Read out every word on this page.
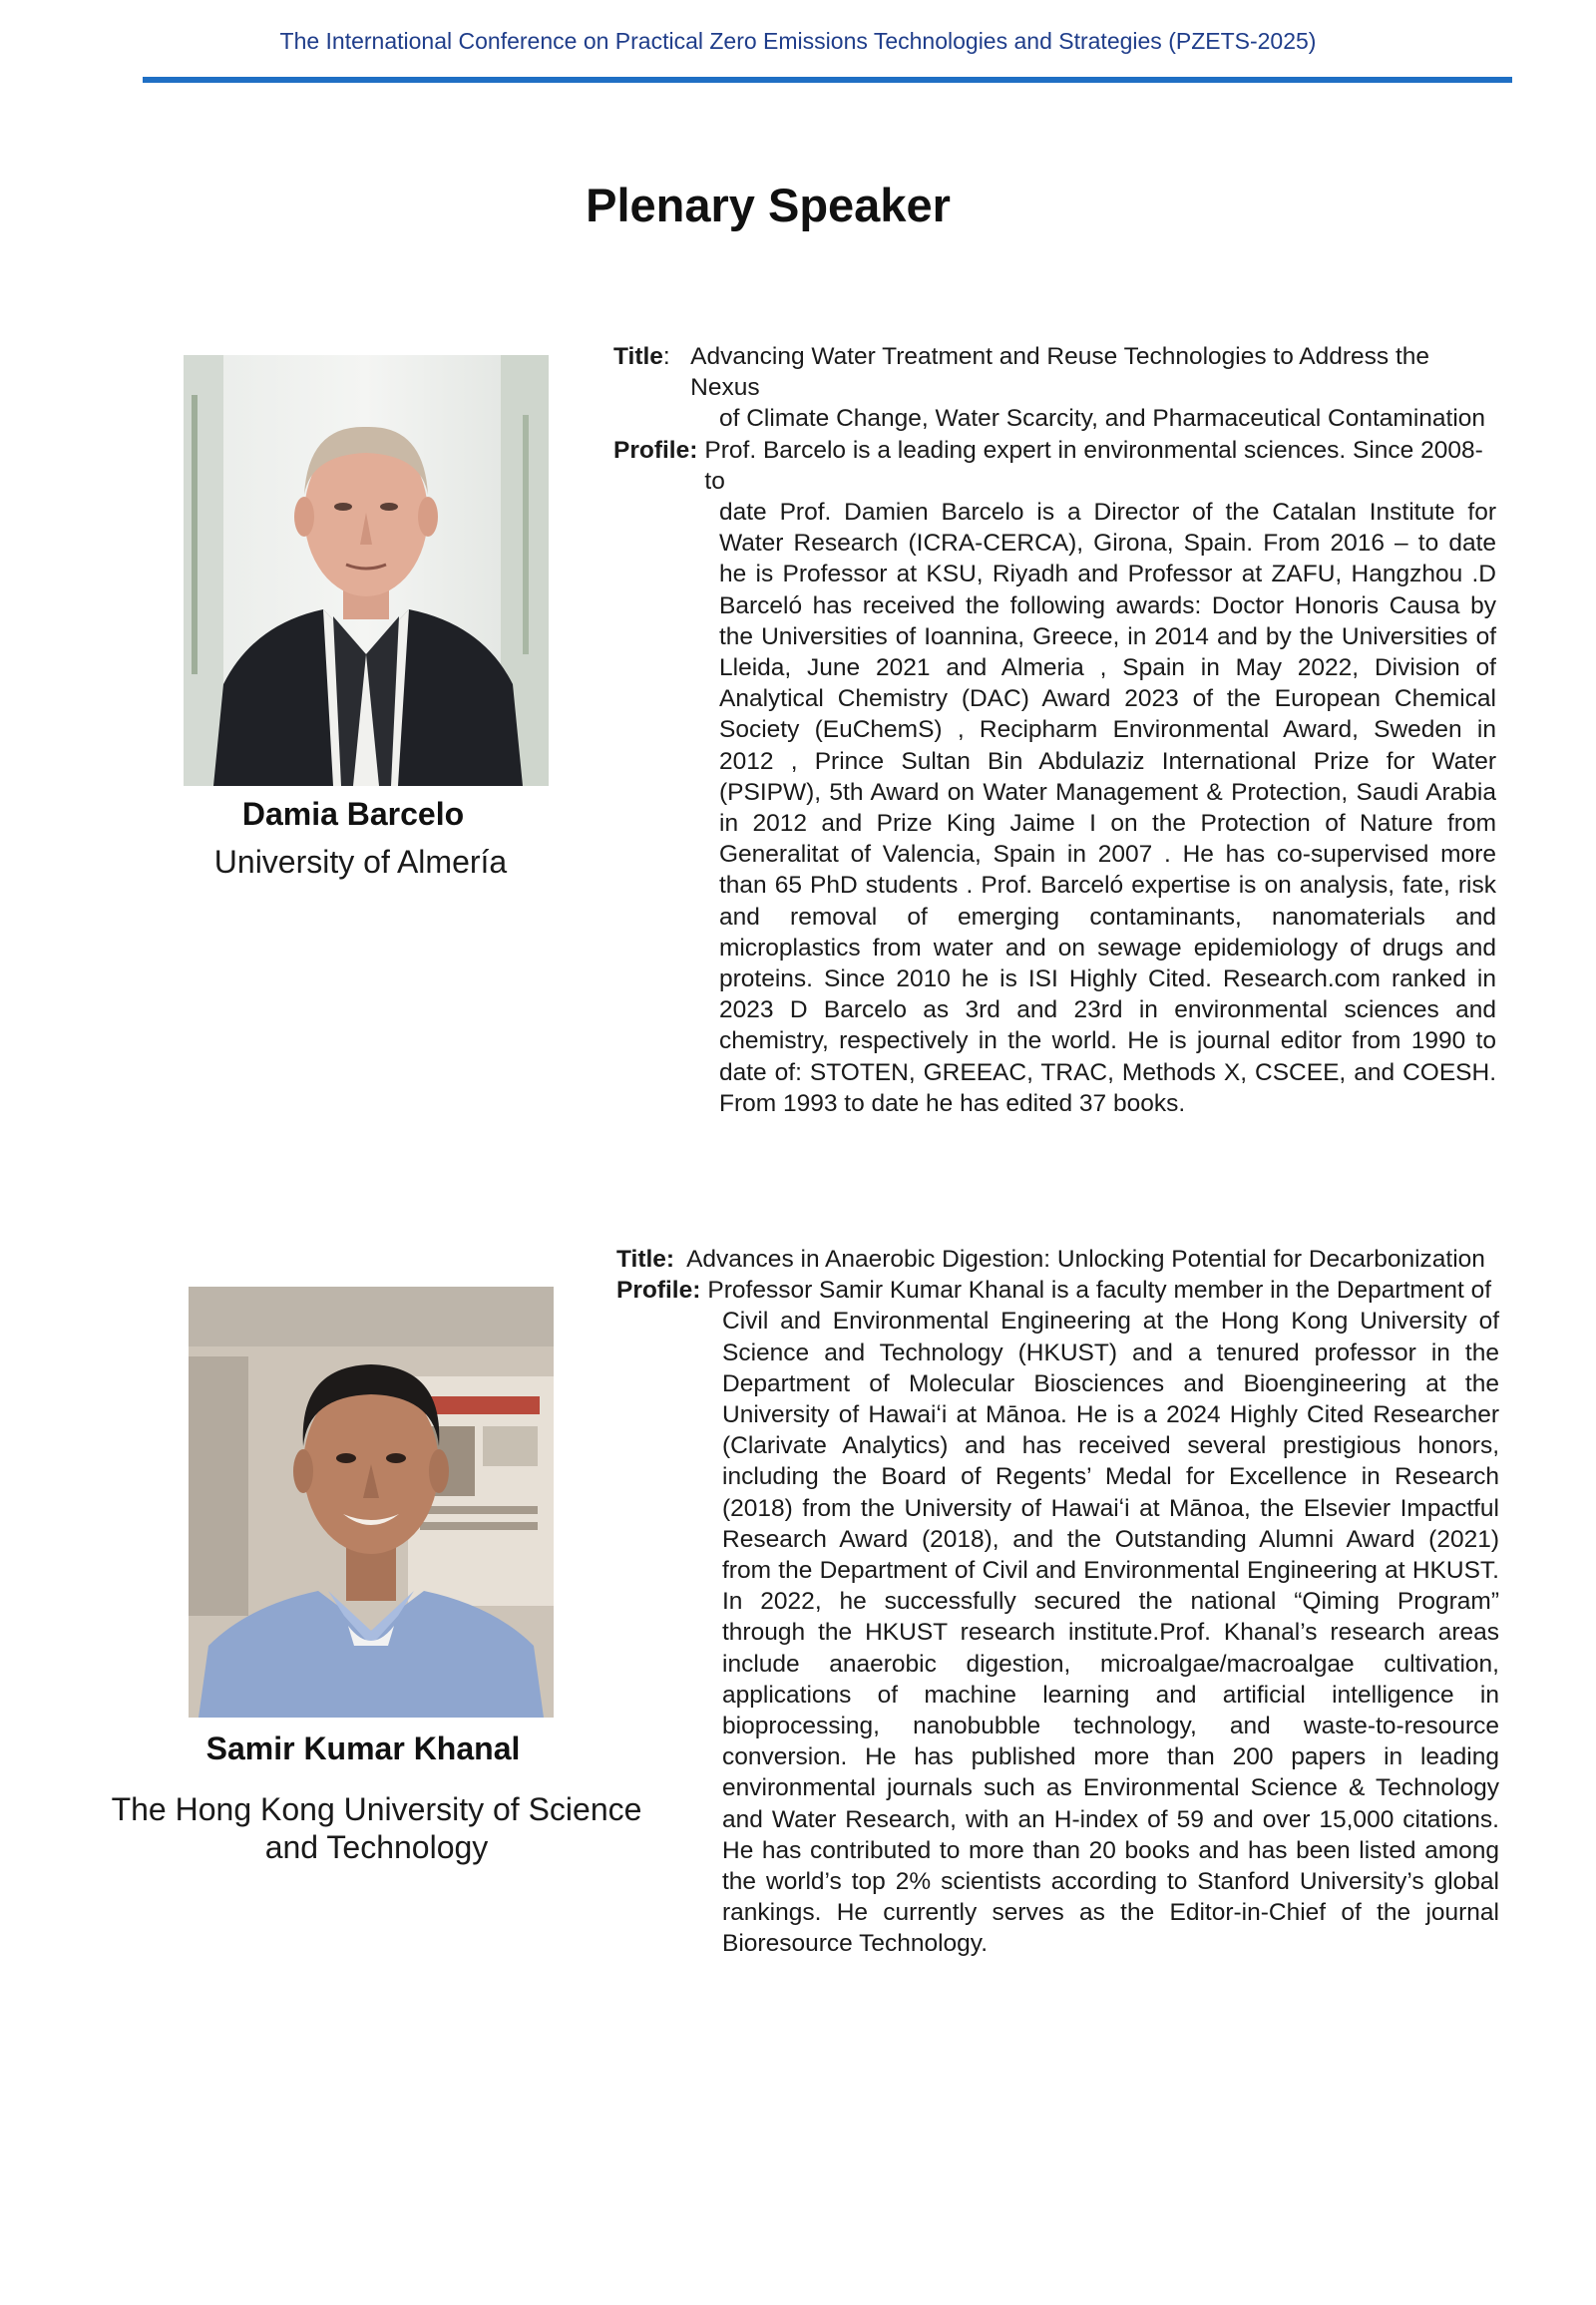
The International Conference on Practical Zero Emissions Technologies and Strategies (PZETS-2025)
Plenary Speaker
Damia Barcelo
University of Almería
Title: Advancing Water Treatment and Reuse Technologies to Address the Nexus
of Climate Change, Water Scarcity, and Pharmaceutical Contamination
Profile: Prof. Barcelo is a leading expert in environmental sciences. Since 2008-to
date Prof. Damien Barcelo is a Director of the Catalan Institute for Water Research (ICRA-CERCA), Girona, Spain. From 2016 – to date he is Professor at KSU, Riyadh and Professor at ZAFU, Hangzhou .D Barceló has received the following awards: Doctor Honoris Causa by the Universities of Ioannina, Greece, in 2014 and by the Universities of Lleida, June 2021 and Almeria , Spain in May 2022, Division of Analytical Chemistry (DAC) Award 2023 of the European Chemical Society (EuChemS) , Recipharm Environmental Award, Sweden in 2012 , Prince Sultan Bin Abdulaziz International Prize for Water (PSIPW), 5th Award on Water Management & Protection, Saudi Arabia in 2012 and Prize King Jaime I on the Protection of Nature from Generalitat of Valencia, Spain in 2007 . He has co-supervised more than 65 PhD students . Prof. Barceló expertise is on analysis, fate, risk and removal of emerging contaminants, nanomaterials and microplastics from water and on sewage epidemiology of drugs and proteins. Since 2010 he is ISI Highly Cited. Research.com ranked in 2023 D Barcelo as 3rd and 23rd in environmental sciences and chemistry, respectively in the world. He is journal editor from 1990 to date of: STOTEN, GREEAC, TRAC, Methods X, CSCEE, and COESH. From 1993 to date he has edited 37 books.
Samir Kumar Khanal
The Hong Kong University of Science and Technology
Title: Advances in Anaerobic Digestion: Unlocking Potential for Decarbonization
Profile: Professor Samir Kumar Khanal is a faculty member in the Department of
Civil and Environmental Engineering at the Hong Kong University of Science and Technology (HKUST) and a tenured professor in the Department of Molecular Biosciences and Bioengineering at the University of Hawaiʻi at Mānoa. He is a 2024 Highly Cited Researcher (Clarivate Analytics) and has received several prestigious honors, including the Board of Regents’ Medal for Excellence in Research (2018) from the University of Hawaiʻi at Mānoa, the Elsevier Impactful Research Award (2018), and the Outstanding Alumni Award (2021) from the Department of Civil and Environmental Engineering at HKUST. In 2022, he successfully secured the national “Qiming Program” through the HKUST research institute.Prof. Khanal’s research areas include anaerobic digestion, microalgae/macroalgae cultivation, applications of machine learning and artificial intelligence in bioprocessing, nanobubble technology, and waste-to-resource conversion. He has published more than 200 papers in leading environmental journals such as Environmental Science & Technology and Water Research, with an H-index of 59 and over 15,000 citations. He has contributed to more than 20 books and has been listed among the world’s top 2% scientists according to Stanford University’s global rankings. He currently serves as the Editor-in-Chief of the journal Bioresource Technology.
